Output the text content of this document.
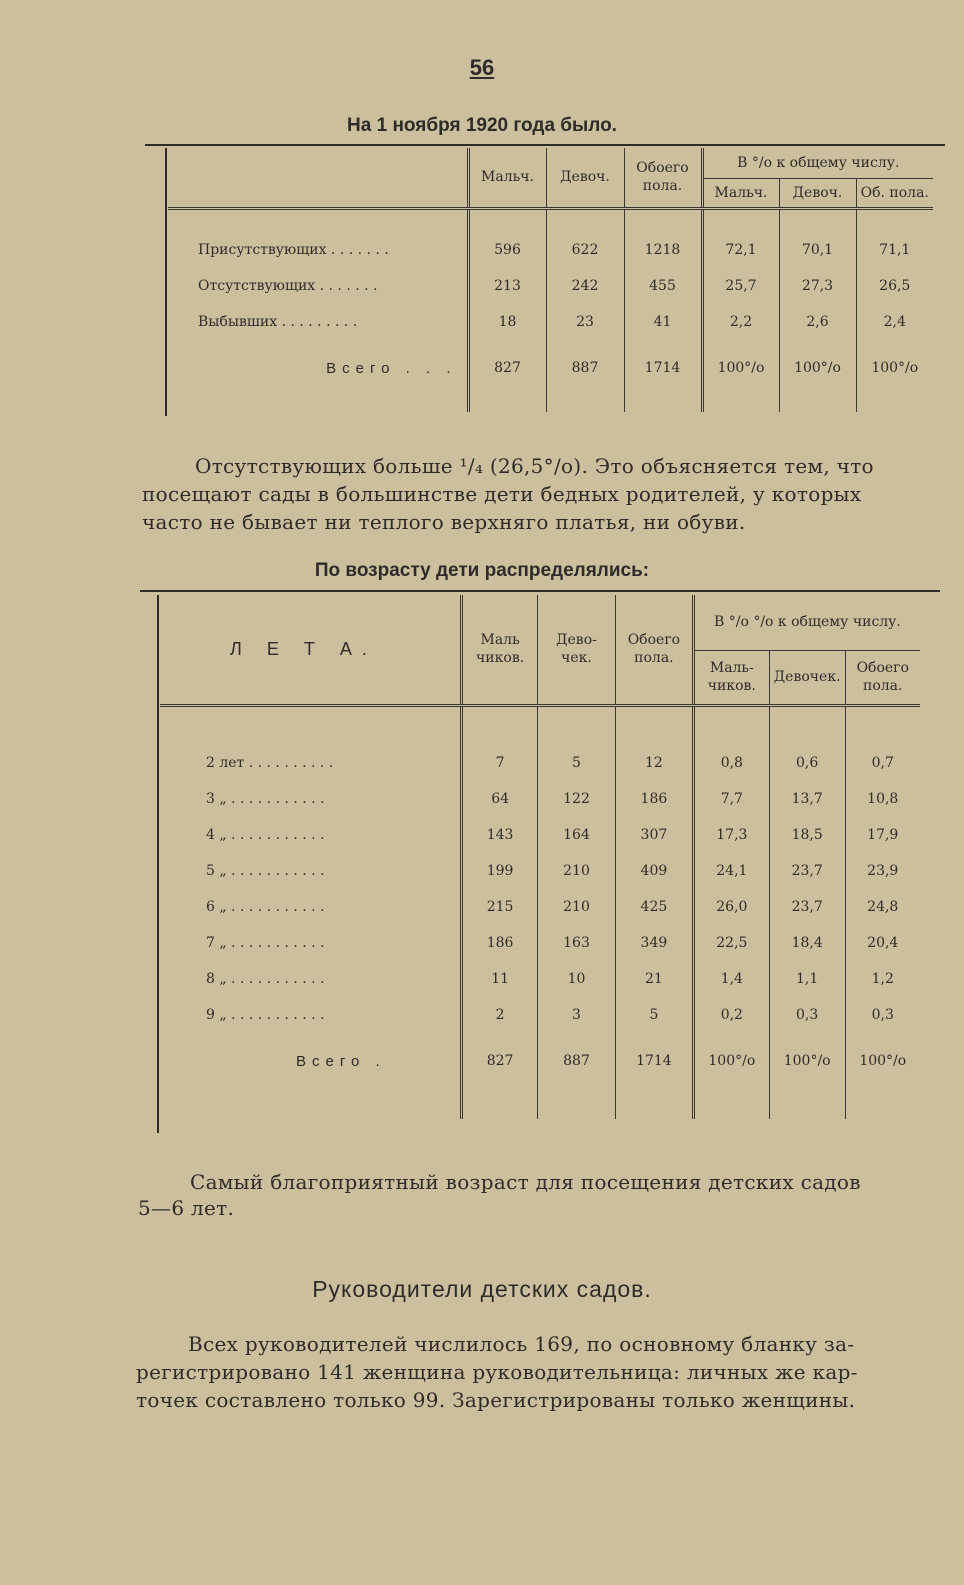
56
На 1 ноября 1920 года было.
	Мальч.	Девоч.	Обоего пола.	В °/о к общему числу.		
				Мальч.	Девоч.	Об. пола.

Присутствующих . . . . . . .	596	622	1218	72,1	70,1	71,1
Отсутствующих . . . . . . .	213	242	455	25,7	27,3	26,5
Выбывших . . . . . . . . .	18	23	41	2,2	2,6	2,4
Всего . . .	827	887	1714	100°/о	100°/о	100°/о

Отсутствующих больше ¹/₄ (26,5°/о). Это объясняется тем, что
посещают сады в большинстве дети бедных родителей, у которых
часто не бывает ни теплого верхняго платья, ни обуви.
По возрасту дети распределялись:
Л Е Т А.	Маль чиков.	Дево- чек.	Обоего пола.	В °/о °/о к общему числу.		
				Маль- чиков.	Девочек.	Обоего пола.

2 лет . . . . . . . . . .	7	5	12	0,8	0,6	0,7
3 „ . . . . . . . . . . .	64	122	186	7,7	13,7	10,8
4 „ . . . . . . . . . . .	143	164	307	17,3	18,5	17,9
5 „ . . . . . . . . . . .	199	210	409	24,1	23,7	23,9
6 „ . . . . . . . . . . .	215	210	425	26,0	23,7	24,8
7 „ . . . . . . . . . . .	186	163	349	22,5	18,4	20,4
8 „ . . . . . . . . . . .	11	10	21	1,4	1,1	1,2
9 „ . . . . . . . . . . .	2	3	5	0,2	0,3	0,3
Всего .	827	887	1714	100°/о	100°/о	100°/о

Самый благоприятный возраст для посещения детских садов
5—6 лет.
Руководители детских садов.
Всех руководителей числилось 169, по основному бланку за-
регистрировано 141 женщина руководительница: личных же кар-
точек составлено только 99. Зарегистрированы только женщины.
